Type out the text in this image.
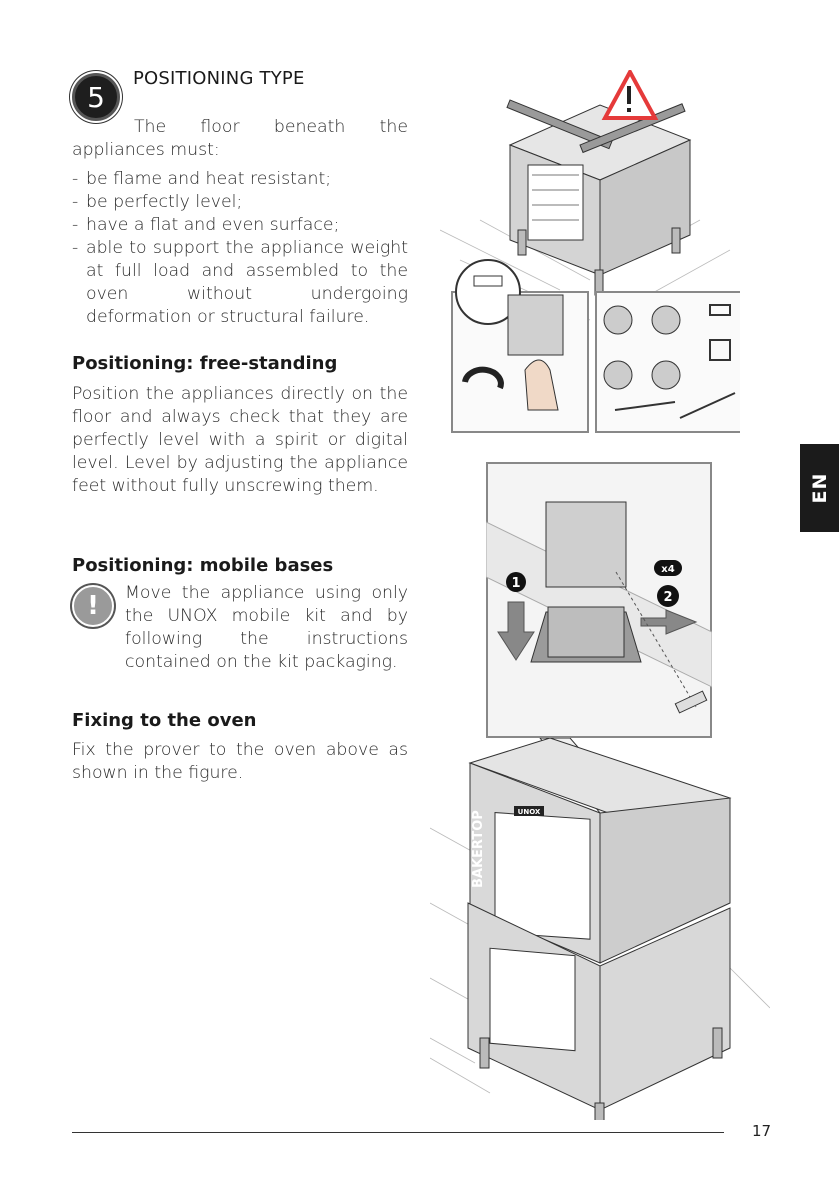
5
POSITIONING TYPE
The floor beneath the appliances must:
- be flame and heat resistant;
- be perfectly level;
- have a flat and even surface;
- able to support the appliance weight at full load and assembled to the oven without undergoing deformation or structural failure.
Positioning: free-standing
Position the appliances directly on the floor and always check that they are perfectly level with a spirit or digital level. Level by adjusting the appliance feet without fully unscrewing them.
Positioning: mobile bases
!	Move the appliance using only the UNOX mobile kit and by following the instructions contained on the kit packaging.
Fixing to the oven
Fix the prover to the oven above as shown in the figure.
EN
17
1
2
x4
BAKERTOP	UNOX
